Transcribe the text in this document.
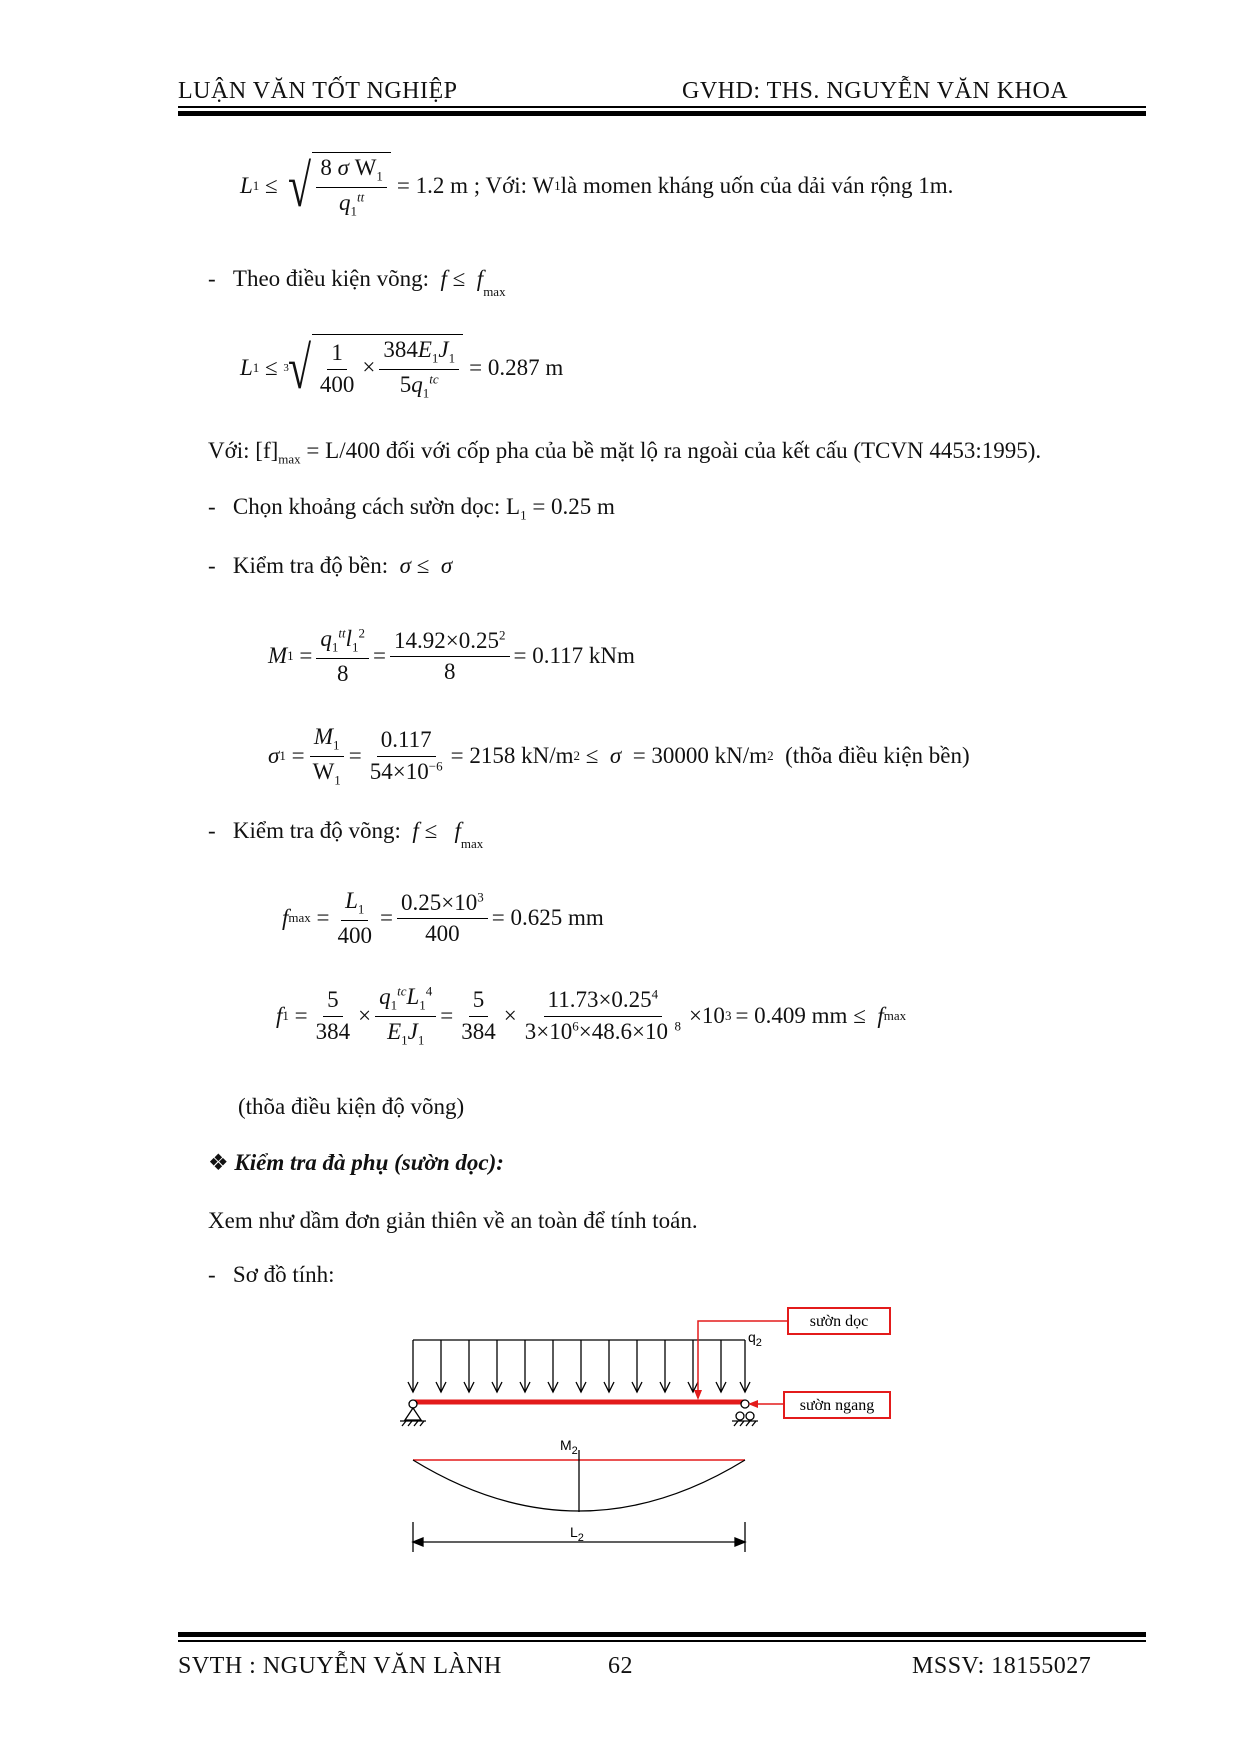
LUẬN VĂN TỐT NGHIỆP	GVHD: THS. NGUYỄN VĂN KHOA
L 1 ≤ √ $\frac{8 \sigma W_1}{q_1^{tt}} = 1.2$ m ; Với: W 1 là momen kháng uốn của dải ván rộng 1m.
-   Theo điều kiện võng: $f \le f_{max}$
L 1 ≤ 3
√ $\frac{1}{400} \times \frac{384E_1J_1}{5q_1^{tc}} = 0.287$ m
Với: $[f]_{max} = L/400$ đối với cốp pha của bề mặt lộ ra ngoài của kết cấu (TCVN 4453:1995).
-   Chọn khoảng cách sườn dọc: $L_1 = 0.25$ m
-   Kiểm tra độ bền: σ ≤  σ
M $1 = \frac{q_1^{tt}l_1^2}{8} = \frac{14.92\times 0.25^2}{8} = 0.117$ kNm
σ $1 = \frac{M_1}{W_1} = \frac{0.117}{54\times 10^{-6}} = 2158$ kN/m 2 ≤ σ
= 30000 kN/m 2
(thõa điều kiện bền)
-   Kiểm tra độ võng: $f \le f_{max}$
f $\max = \frac{L_1}{400} = \frac{0.25\times 10^3}{400} = 0.625$ mm
f $1 = \frac{5}{384} \times \frac{q_1^{tc}L_1^4}{E_1J_1} = \frac{5}{384} \times \frac{11.73\times 0.25^4}{3\times 10^6\times 48.6\times 10 ^8} \times 10$ 3 = 0.409 mm ≤ f max
(thõa điều kiện độ võng)
❖ Kiểm tra đà phụ (sườn dọc):
Xem như dầm đơn giản thiên về an toàn để tính toán.
-   Sơ đồ tính:
$q_2$
sườn dọc
sườn ngang
$M_2$
$L_2$
SVTH : NGUYỄN VĂN LÀNH	62	MSSV: 18155027
